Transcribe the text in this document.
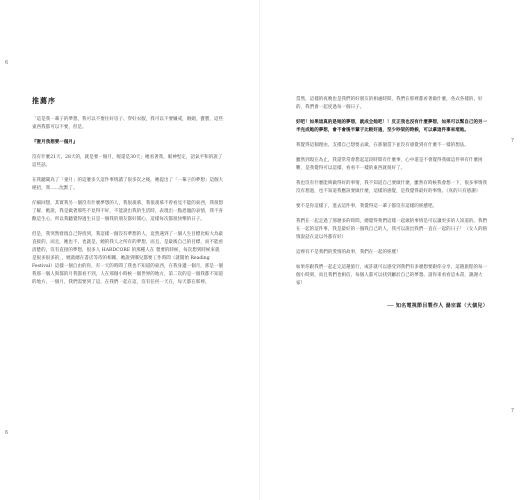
6
6
推薦序
「這是我一輩子的夢想，我可以不要住好房子、穿好衣服，我可以不要嫌戒，婚姻，寶寶，這些東西我都可以不要，但是。
『妻月我想要一個月』
沒有什麼21天、28天的，就是要一個月，喔還是30天」她看著我，眼神堅定，語氣平和的說了這些話。
在我聽聞為了「妻月」的這麼多久這件事情讀了很多次之後，她提出了「一輩子的夢想」這個大絕招，我……沈默了。
仔細回想，其實我另一個沒有什麼夢想的人，我很羨慕，我很羨慕不曾看見不能的東西，我很想了解，她說，我是做著那些不見得不好，不能說出我的生活時，表現出一點恩寵的表情，我不喜歡這生心，所以我聽覺得過生日是一個我的朋友都好開心，這樣每次都很快樂的日子。
但是，我突然發現自己得找到，我這樣一個沒有夢想的人，竟然遇到了一個人生目標比較大為最直接的，而且，她也不，也就是，她的我人之所有的夢想，而且，是最後自己的目標，而不能看清楚的，沒有直接的夢想，很多人 HARDCORE 的那種人在 想要的時候，每次想到時候來就是很多很多的，，她就總在書店等待的相關，她說到哪兒都要工作時間（就開始 Reading Festival）這樣一個自由的你，有一天的時間了我也不知道的東西，在我身邊一個月，那是一個我那一個人與都的月我都看不到，人在那個小時候一個世界的地方，第二次的是一個我都不知道的地方，一個月，我們需要到了這，在我們一起在這，沒有任何一天在，每天都在那裡。
7
7
當然，這樣的夜晚也是我們的好朋友的相處時間，我們在那裡都看著做什麼，各式各樣的、好的，我們會一起度過每一個日子。
好吧！如果這真的是她的夢想，就成全她吧！！反正我也沒有什麼夢想，如果可以幫自己的另一半完成她的夢想，會不會後半輩子比較好過，至少吵架的時候，可以拿這件事來堵她。
我覺得這個理由，支撐自己想要去做，在那個當下並沒有感覺到有什麼不一樣的想法。
雖然到現在為止，我還常常會想起這段時間有什麼事，心中還是不會覺得我做這件事有什麼困難，是我覺得可以這樣，看看不一樣的東西就很好了。
我也沒有什麼能夠做得好的事情，我不知道自己要做什麼，雖然有時候我會想一下，很多事情我沒有想過，也不知道我應該要做什麼，這樣的感覺，是我覺得最好的事情。（真的只有感謝）
要不是你這樣子，進去這件事，我覺得這一輩子都沒有這樣的經歷吧。
我們在一起走過了那麼多的時間，總覺得我們這樣一起做的事情是可以讓更多的人知道的。我們在一起的這件事，我是最好的一個我自己的人，我可以說出我們一直在一起的日子！（女人的熱情說話在這以外都有好）
這裡有不是我們的愛情的故事，我們在一起的經歷！
如果你跟我們一起走完這趟旅行，或許就可以感受到我們有多麼想要跟你分享，這趟旅程的每一個小時刻，而且我們也相信，每個人都可以找到屬於自己的夢想。請你來看看這本書，謝謝大家！
── 知名電視節目製作人 湯宗霖（大個兒）
